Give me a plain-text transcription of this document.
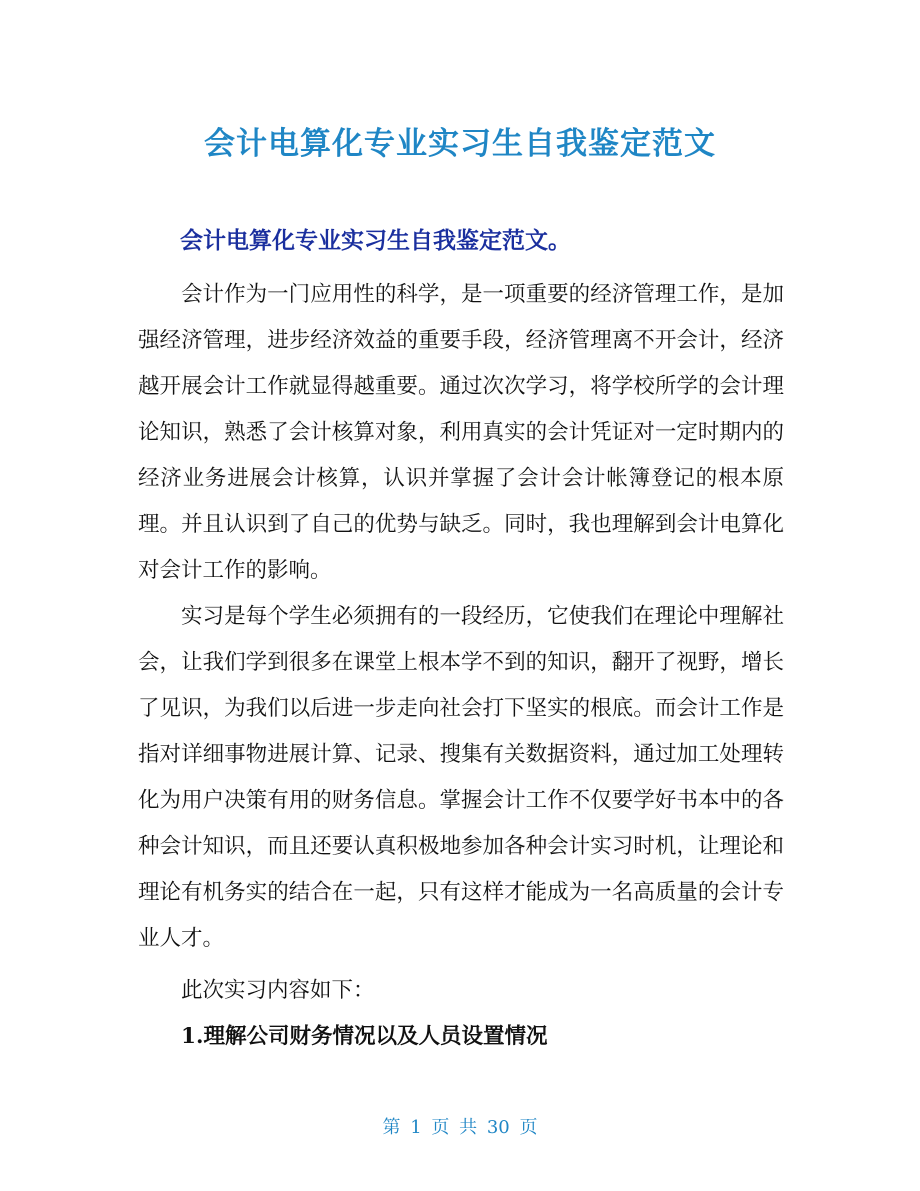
会计电算化专业实习生自我鉴定范文
会计电算化专业实习生自我鉴定范文。

会计作为一门应用性的科学，是一项重要的经济管理工作，是加强经济管理，进步经济效益的重要手段，经济管理离不开会计，经济越开展会计工作就显得越重要。通过次次学习，将学校所学的会计理论知识，熟悉了会计核算对象，利用真实的会计凭证对一定时期内的经济业务进展会计核算，认识并掌握了会计会计帐簿登记的根本原理。并且认识到了自己的优势与缺乏。同时，我也理解到会计电算化对会计工作的影响。

实习是每个学生必须拥有的一段经历，它使我们在理论中理解社会，让我们学到很多在课堂上根本学不到的知识，翻开了视野，增长了见识，为我们以后进一步走向社会打下坚实的根底。而会计工作是指对详细事物进展计算、记录、搜集有关数据资料，通过加工处理转化为用户决策有用的财务信息。掌握会计工作不仅要学好书本中的各种会计知识，而且还要认真积极地参加各种会计实习时机，让理论和理论有机务实的结合在一起，只有这样才能成为一名高质量的会计专业人才。

此次实习内容如下：

1.理解公司财务情况以及人员设置情况

第 1 页 共 30 页
